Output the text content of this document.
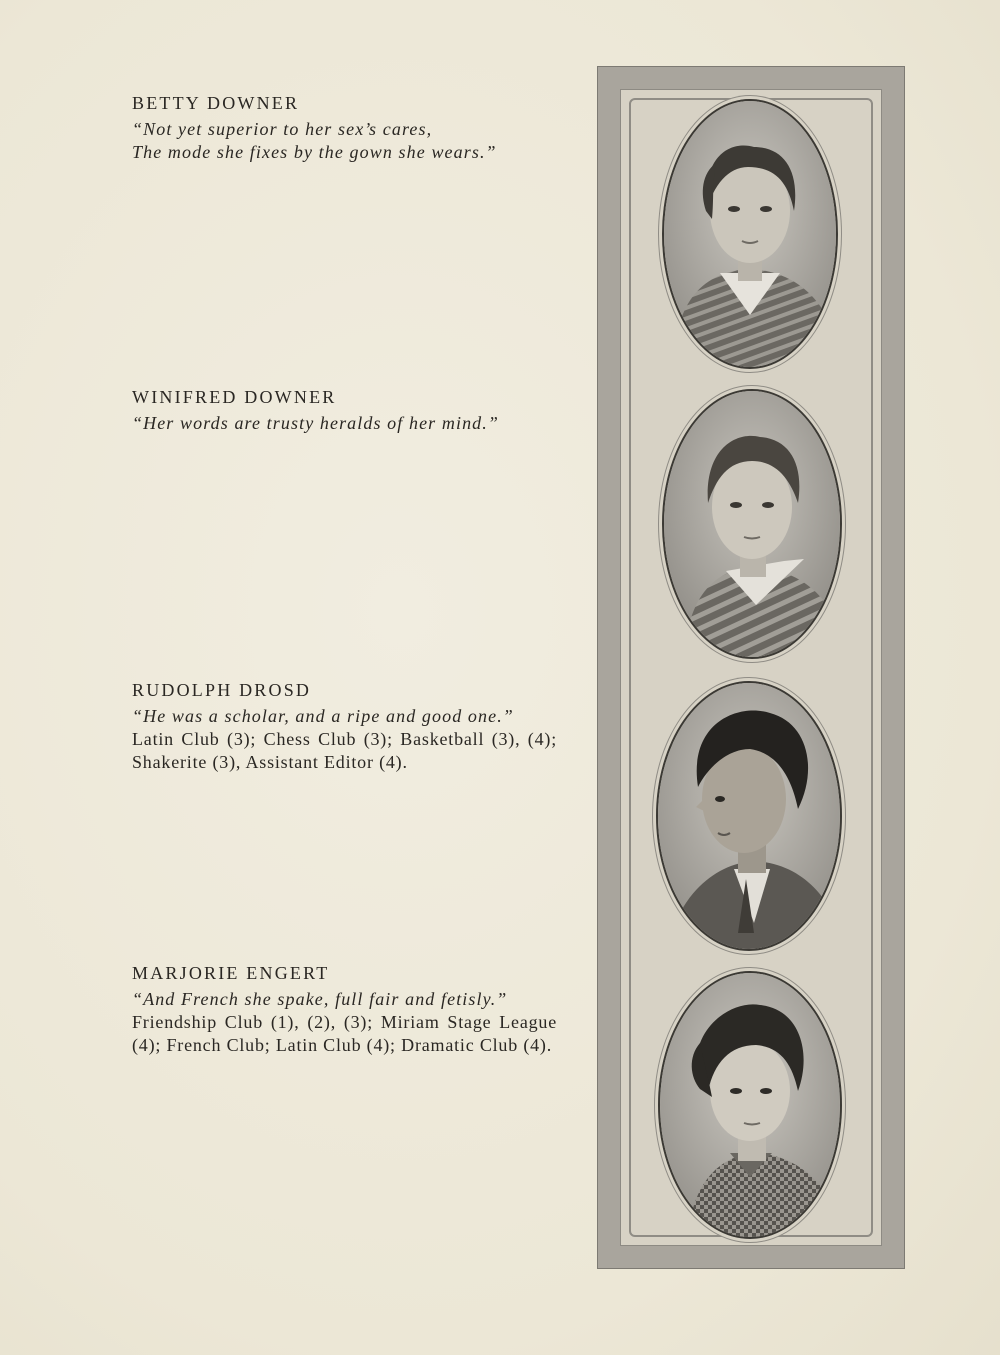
BETTY DOWNER

“Not yet superior to her sex’s cares,
The mode she fixes by the gown she wears.”

WINIFRED DOWNER

“Her words are trusty heralds of her mind.”

RUDOLPH DROSD

“He was a scholar, and a ripe and good one.”

Latin Club (3); Chess Club (3); Basketball (3), (4); Shakerite (3), Assistant Editor (4).

MARJORIE ENGERT

“And French she spake, full fair and fetisly.”

Friendship Club (1), (2), (3); Miriam Stage League (4); French Club; Latin Club (4); Dramatic Club (4).
